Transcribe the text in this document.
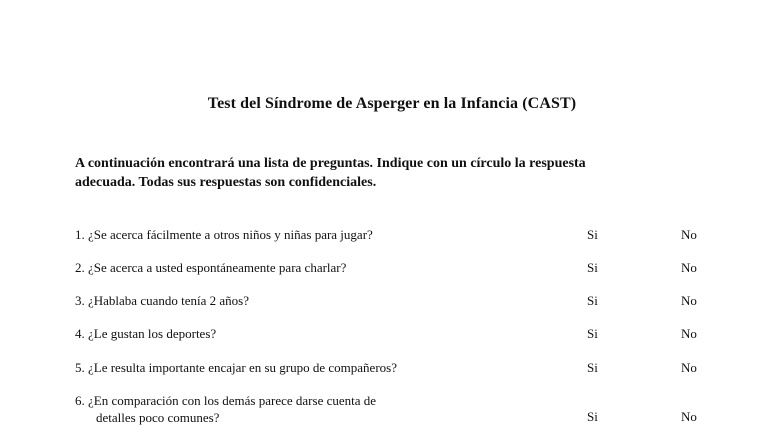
Test del Síndrome de Asperger en la Infancia (CAST)
A continuación encontrará una lista de preguntas. Indique con un círculo la respuesta
adecuada. Todas sus respuestas son confidenciales.
1. ¿Se acerca fácilmente a otros niños y niñas para jugar?	Si	No
2. ¿Se acerca a usted espontáneamente para charlar?	Si	No
3. ¿Hablaba cuando tenía 2 años?	Si	No
4. ¿Le gustan los deportes?	Si	No
5. ¿Le resulta importante encajar en su grupo de compañeros?	Si	No
6. ¿En comparación con los demás parece darse cuenta de
detalles poco comunes?	Si	No
